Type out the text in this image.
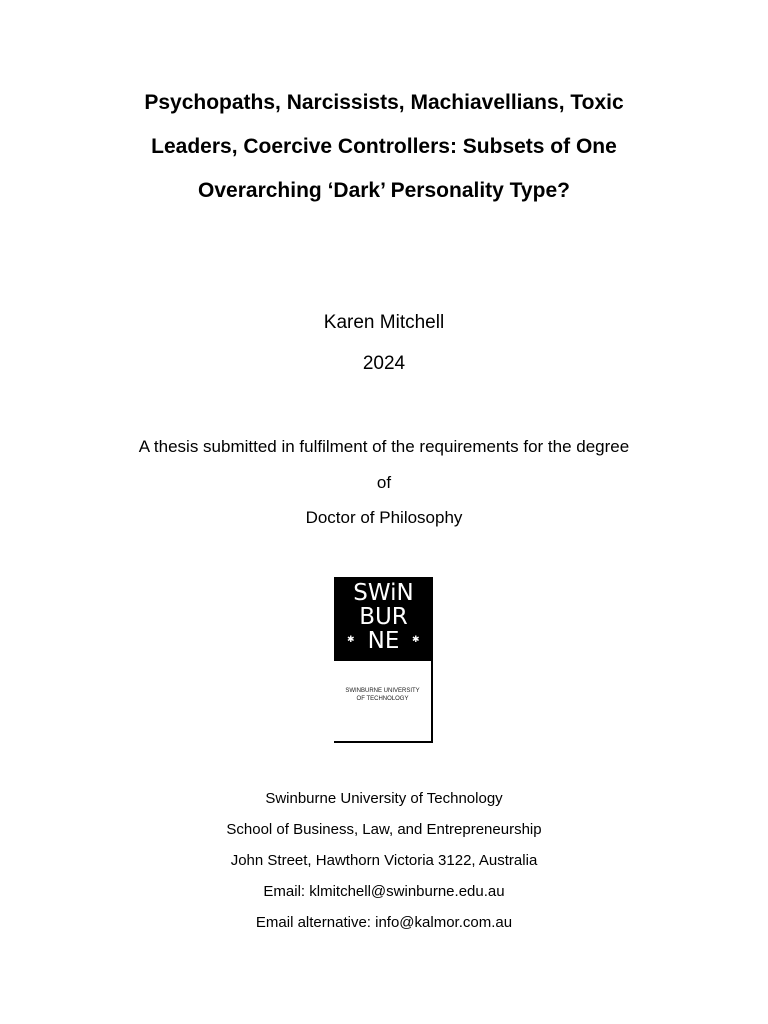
Psychopaths, Narcissists, Machiavellians, Toxic
Leaders, Coercive Controllers: Subsets of One
Overarching ‘Dark’ Personality Type?
Karen Mitchell
2024
A thesis submitted in fulfilment of the requirements for the degree
of
Doctor of Philosophy
SWiN
BUR
✱ NE	✱
SWINBURNE UNIVERSITY
OF TECHNOLOGY
Swinburne University of Technology
School of Business, Law, and Entrepreneurship
John Street, Hawthorn Victoria 3122, Australia
Email: klmitchell@swinburne.edu.au
Email alternative: info@kalmor.com.au
